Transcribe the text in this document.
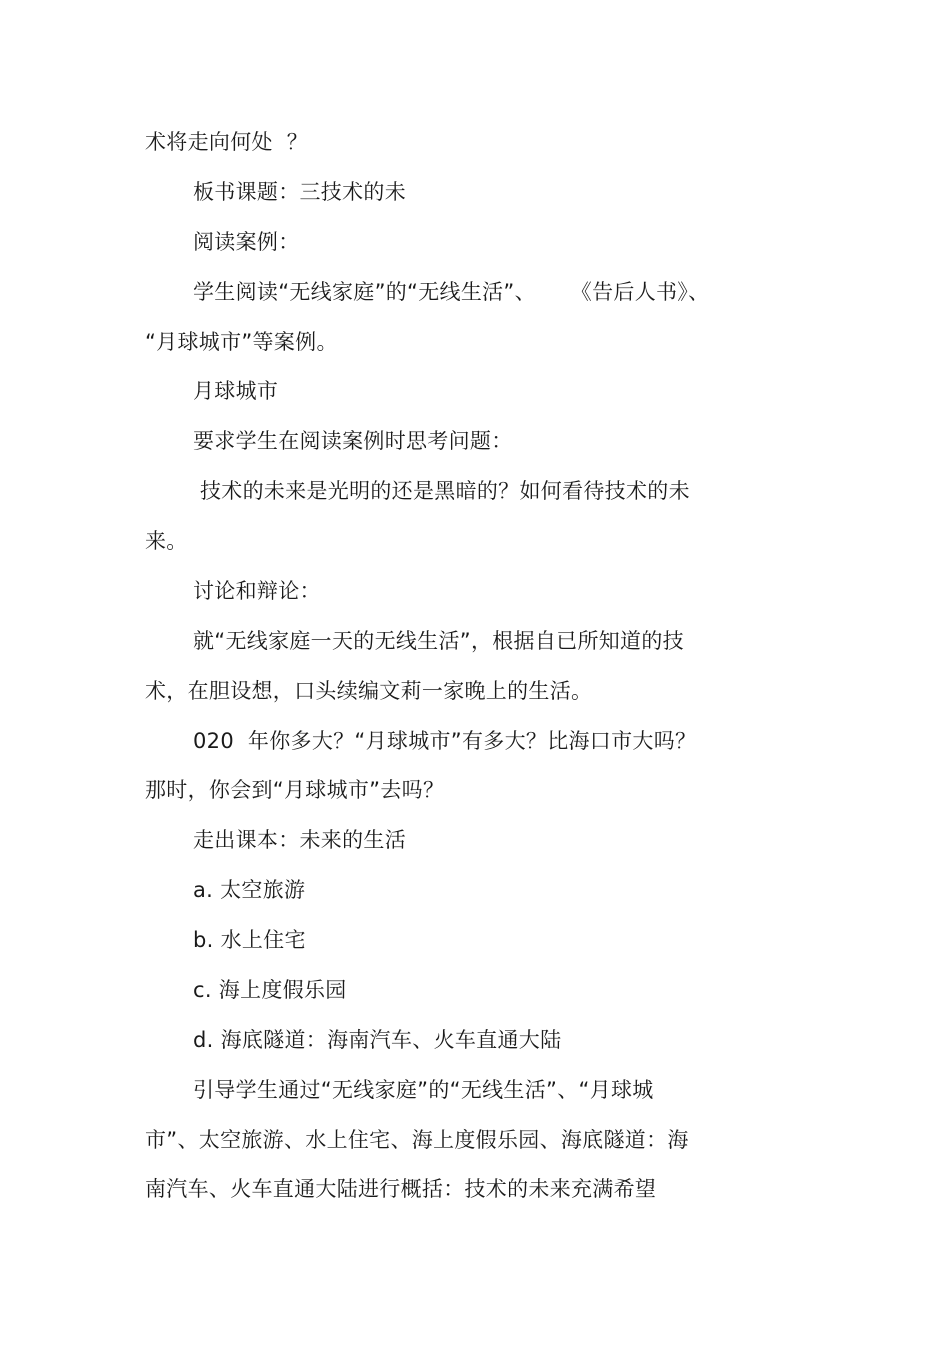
术将走向何处  ？
板书课题：三技术的未
阅读案例：
学生阅读“无线家庭”的“无线生活”、     《告后人书》、
“月球城市”等案例。
月球城市
要求学生在阅读案例时思考问题：
技术的未来是光明的还是黑暗的？如何看待技术的未
来。
讨论和辩论：
就“无线家庭一天的无线生活”，根据自已所知道的技
术，在胆设想，口头续编文莉一家晚上的生活。
020  年你多大？“月球城市”有多大？比海口市大吗？
那时，你会到“月球城市”去吗？
走出课本：未来的生活
a. 太空旅游
b. 水上住宅
c. 海上度假乐园
d. 海底隧道：海南汽车、火车直通大陆
引导学生通过“无线家庭”的“无线生活”、“月球城
市”、太空旅游、水上住宅、海上度假乐园、海底隧道：海
南汽车、火车直通大陆进行概括：技术的未来充满希望
